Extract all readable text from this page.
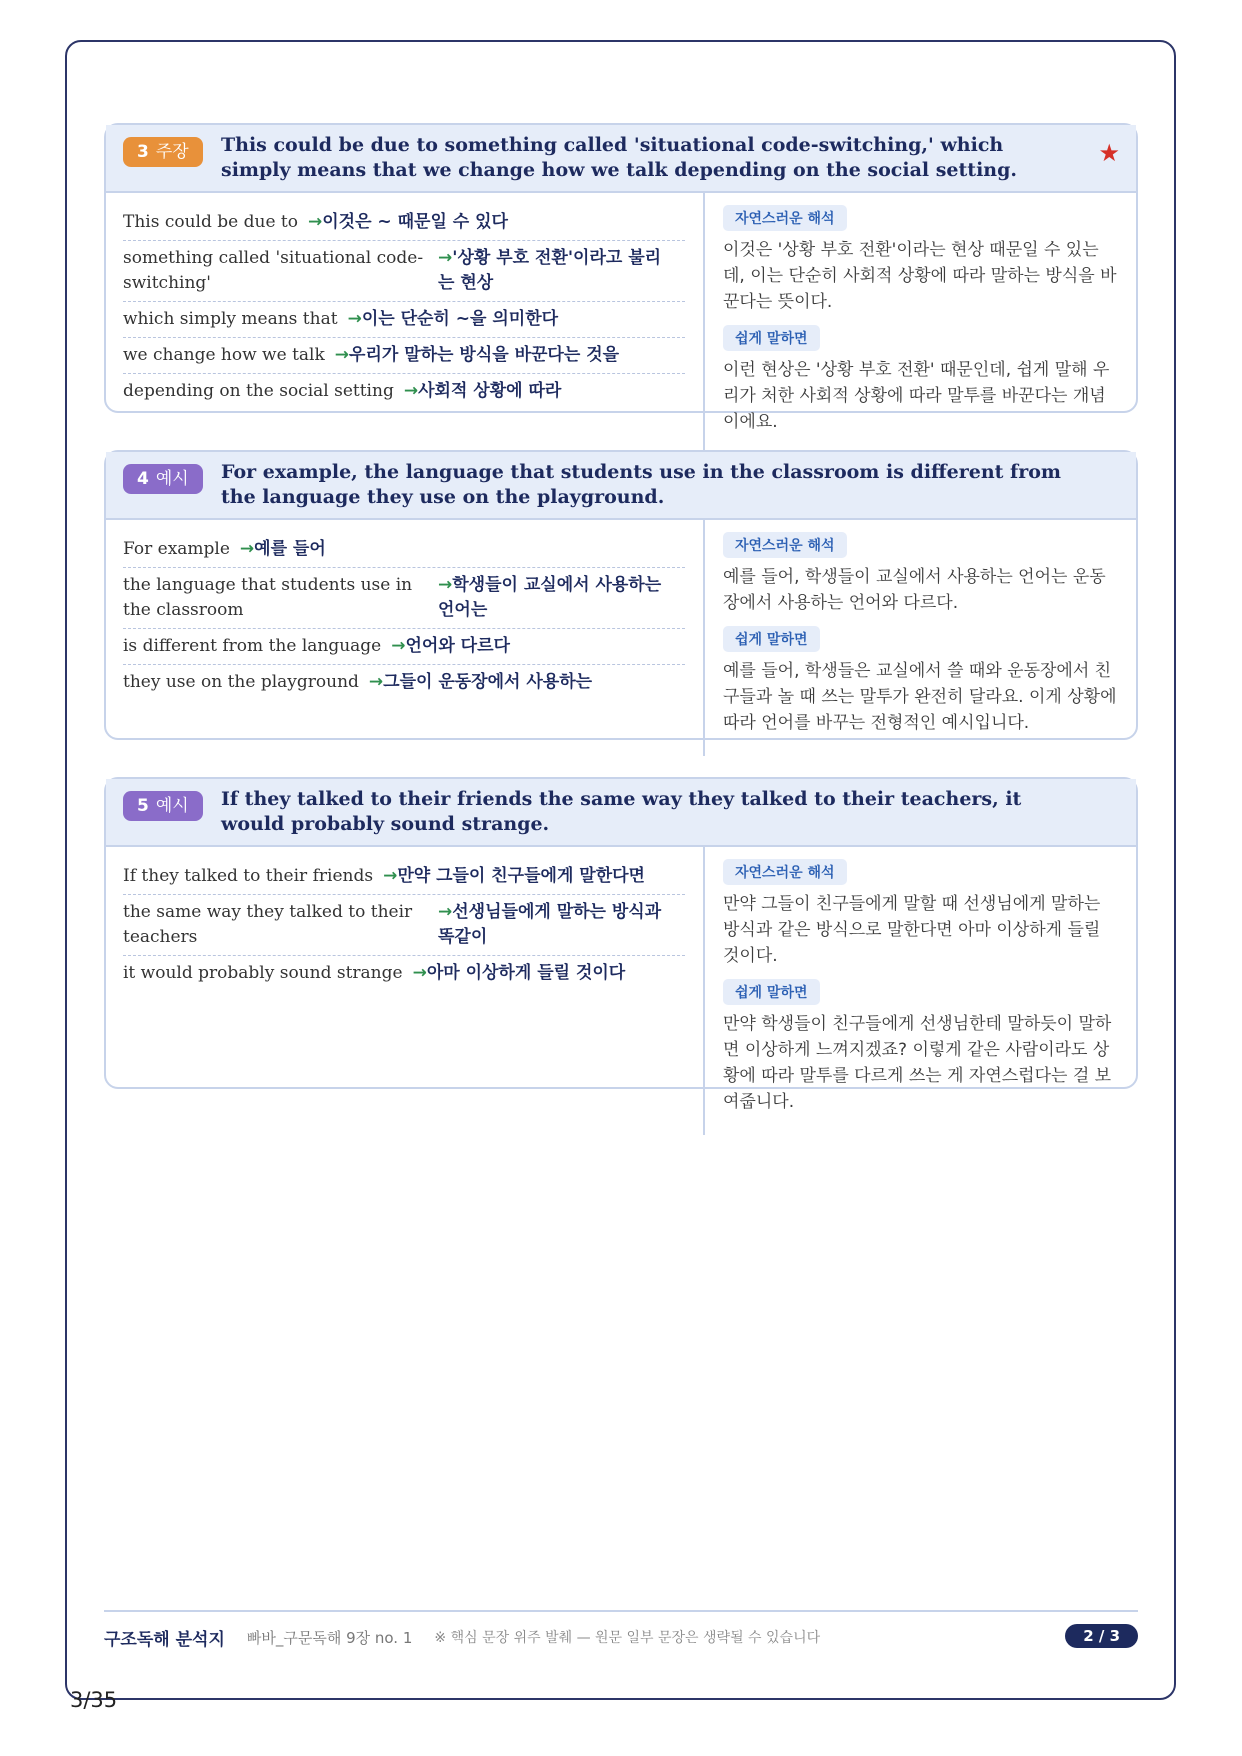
3 주장	This could be due to something called 'situational code-switching,' which simply means that we change how we talk depending on the social setting.

★
This could be due to →이것은 ~ 때문일 수 있다
something called 'situational code-switching'
→'상황 부호 전환'이라고 불리는 현상
which simply means that →이는 단순히 ~을 의미한다
we change how we talk →우리가 말하는 방식을 바꾼다는 것을
depending on the social setting →사회적 상황에 따라
자연스러운 해석

이것은 '상황 부호 전환'이라는 현상 때문일 수 있는데, 이는 단순히 사회적 상황에 따라 말하는 방식을 바꾼다는 뜻이다.

쉽게 말하면

이런 현상은 '상황 부호 전환' 때문인데, 쉽게 말해 우리가 처한 사회적 상황에 따라 말투를 바꾼다는 개념이에요.

4 예시	For example, the language that students use in the classroom is different from the language they use on the playground.

For example →예를 들어
the language that students use in the classroom
→학생들이 교실에서 사용하는 언어는
is different from the language →언어와 다르다
they use on the playground →그들이 운동장에서 사용하는
자연스러운 해석

예를 들어, 학생들이 교실에서 사용하는 언어는 운동장에서 사용하는 언어와 다르다.

쉽게 말하면

예를 들어, 학생들은 교실에서 쓸 때와 운동장에서 친구들과 놀 때 쓰는 말투가 완전히 달라요. 이게 상황에 따라 언어를 바꾸는 전형적인 예시입니다.

5 예시	If they talked to their friends the same way they talked to their teachers, it would probably sound strange.

If they talked to their friends →만약 그들이 친구들에게 말한다면
the same way they talked to their teachers
→선생님들에게 말하는 방식과 똑같이
it would probably sound strange →아마 이상하게 들릴 것이다
자연스러운 해석

만약 그들이 친구들에게 말할 때 선생님에게 말하는 방식과 같은 방식으로 말한다면 아마 이상하게 들릴 것이다.

쉽게 말하면

만약 학생들이 친구들에게 선생님한테 말하듯이 말하면 이상하게 느껴지겠죠? 이렇게 같은 사람이라도 상황에 따라 말투를 다르게 쓰는 게 자연스럽다는 걸 보여줍니다.

구조독해 분석지 빠바_구문독해 9장 no. 1 ※ 핵심 문장 위주 발췌 — 원문 일부 문장은 생략될 수 있습니다	2 / 3
3/35
